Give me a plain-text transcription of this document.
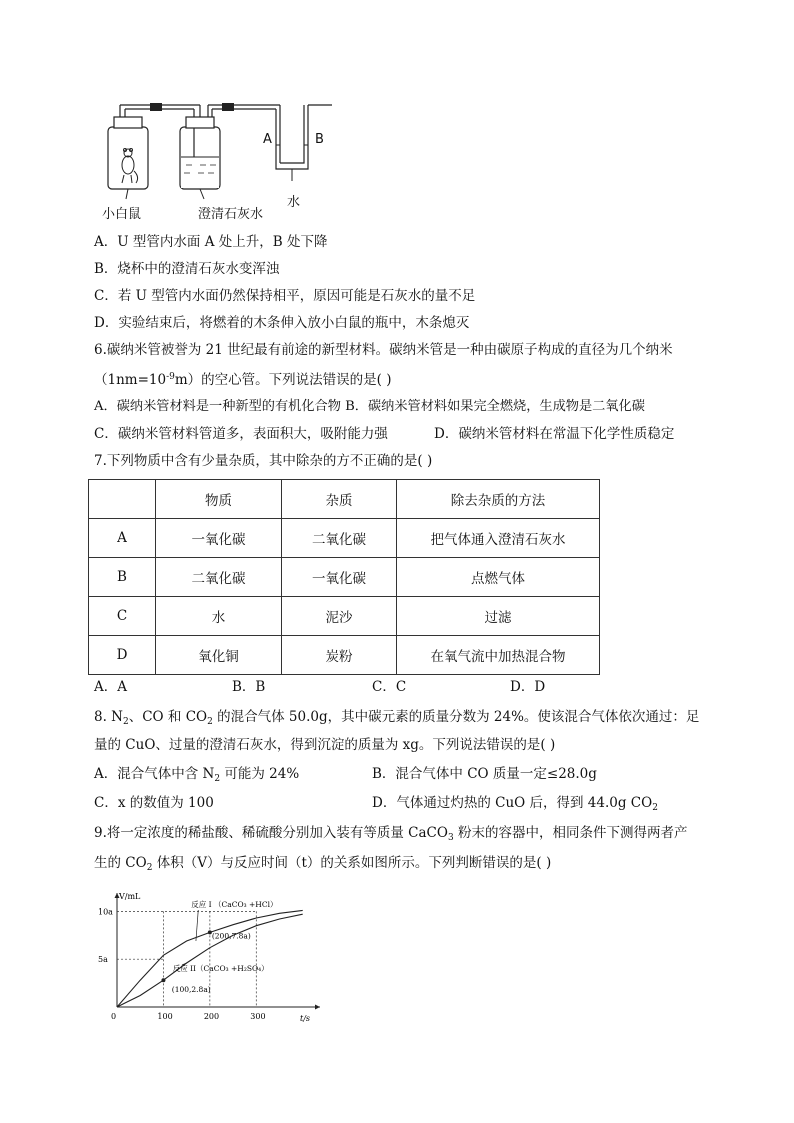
A	B
小白鼠	澄清石灰水
水
A．U 型管内水面 A 处上升，B 处下降
B．烧杯中的澄清石灰水变浑浊
C．若 U 型管内水面仍然保持相平，原因可能是石灰水的量不足
D．实验结束后，将燃着的木条伸入放小白鼠的瓶中，木条熄灭
6.碳纳米管被誉为 21 世纪最有前途的新型材料。碳纳米管是一种由碳原子构成的直径为几个纳米
$(1nm=10^{-9}m)$的空心管。下列说法错误的是( )
A．碳纳米管材料是一种新型的有机化合物 B．碳纳米管材料如果完全燃烧，生成物是二氧化碳
C．碳纳米管材料管道多，表面积大，吸附能力强	D．碳纳米管材料在常温下化学性质稳定
7.下列物质中含有少量杂质，其中除杂的方不正确的是( )
	物质	杂质	除去杂质的方法
A	一氧化碳	二氧化碳	把气体通入澄清石灰水
B	二氧化碳	一氧化碳	点燃气体
C	水	泥沙	过滤
D	氧化铜	炭粉	在氧气流中加热混合物
A．A	B．B	C．C	D．D
8. $N_2$、CO 和 $CO_2$ 的混合气体 50.0g，其中碳元素的质量分数为 24%。使该混合气体依次通过：足
量的 CuO、过量的澄清石灰水，得到沉淀的质量为 xg。下列说法错误的是( )
A．混合气体中含 $N_2$ 可能为 24%	B．混合气体中 CO 质量一定≤28.0g
C．x 的数值为 100	D．气体通过灼热的 CuO 后，得到 44.0g $CO_2$
9.将一定浓度的稀盐酸、稀硫酸分别加入装有等质量 CaCO$_3$ 粉末的容器中，相同条件下测得两者产
生的 $CO_2$ 体积（V）与反应时间（t）的关系如图所示。下列判断错误的是( )
V/mL
t/s
0	100	200	300
5a
10a
反应 I （CaCO₃ +HCl）
(200,7.8a)
反应 II（CaCO₃ +H₂SO₄）
(100,2.8a)
